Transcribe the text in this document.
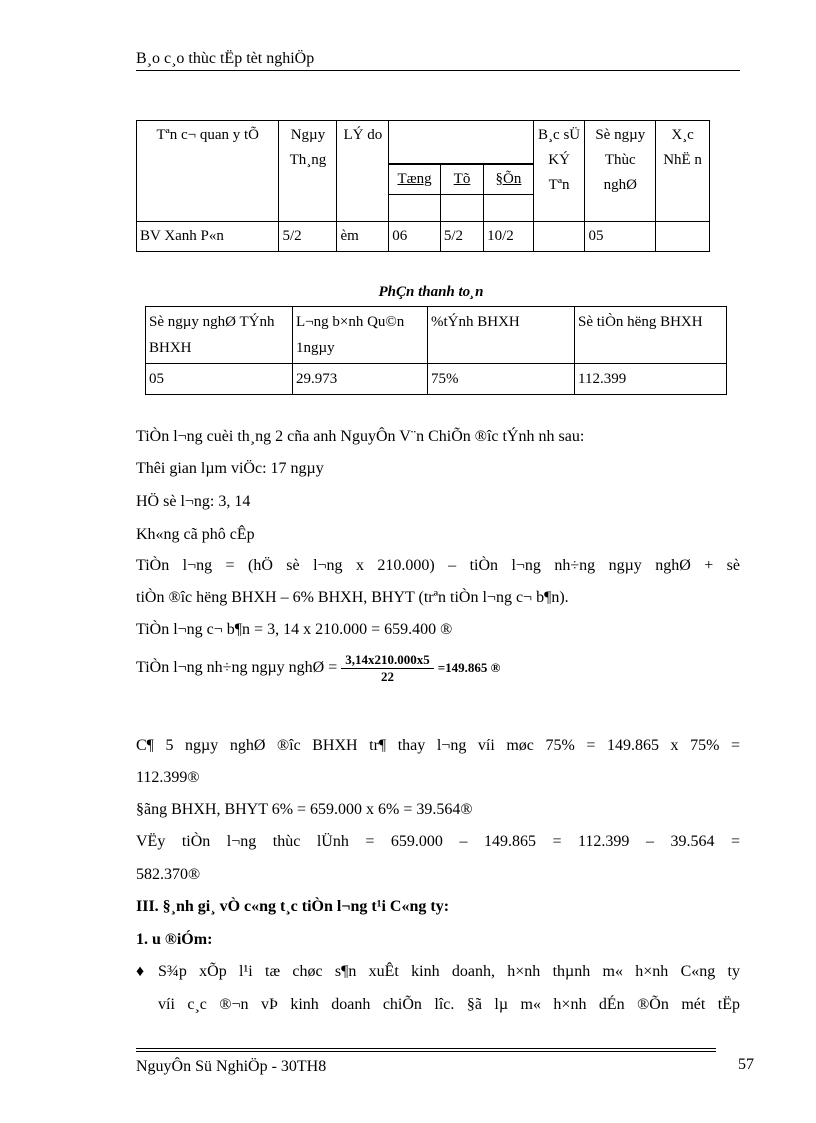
B¸o c¸o thùc tËp tèt nghiÖp
Tªn c¬ quan y tÕ	Ngµy Th¸ng	LÝ do				B¸c sÜ KÝ Tªn	Sè ngµy Thùc nghØ	X¸c NhË n

			Tæng	Tõ	§Õn			

BV Xanh P«n	5/2	èm	06	5/2	10/2		05	
PhÇn thanh to¸n
Sè ngµy nghØ TÝnh BHXH	L¬ng b×nh Qu©n 1ngµy	%tÝnh BHXH	Sè tiÒn hëng BHXH
05	29.973	75%	112.399
TiÒn l¬ng cuèi th¸ng 2 cña anh NguyÔn V¨n ChiÕn ®îc tÝnh nh sau:
Thêi gian lµm viÖc: 17 ngµy
HÖ sè l¬ng: 3, 14
Kh«ng cã phô cÊp
TiÒn l¬ng = (hÖ sè l¬ng x 210.000) – tiÒn l¬ng nh÷ng ngµy nghØ + sè
tiÒn ®îc hëng BHXH – 6% BHXH, BHYT (trªn tiÒn l¬ng c¬ b¶n).
TiÒn l¬ng c¬ b¶n = 3, 14 x 210.000 = 659.400 ®
TiÒn l¬ng nh÷ng ngµy nghØ = $\frac{3,14x210.000x5}{22} =149.865$ ®
C¶ 5 ngµy nghØ ®îc BHXH tr¶ thay l¬ng víi møc 75% = 149.865 x 75% =
112.399®
§ãng BHXH, BHYT 6% = 659.000 x 6% = 39.564®
VËy tiÒn l¬ng thùc lÜnh = 659.000 – 149.865 = 112.399 – 39.564 =
582.370®
III. §¸nh gi¸ vÒ c«ng t¸c tiÒn l¬ng t¹i C«ng ty:
1. u ®iÓm:
♦ S¾p xÕp l¹i tæ chøc s¶n xuÊt kinh doanh, h×nh thµnh m« h×nh C«ng ty
víi c¸c ®¬n vÞ kinh doanh chiÕn lîc. §ã lµ m« h×nh dÉn ®Õn mét tËp
NguyÔn Sü NghiÖp - 30TH8	57
